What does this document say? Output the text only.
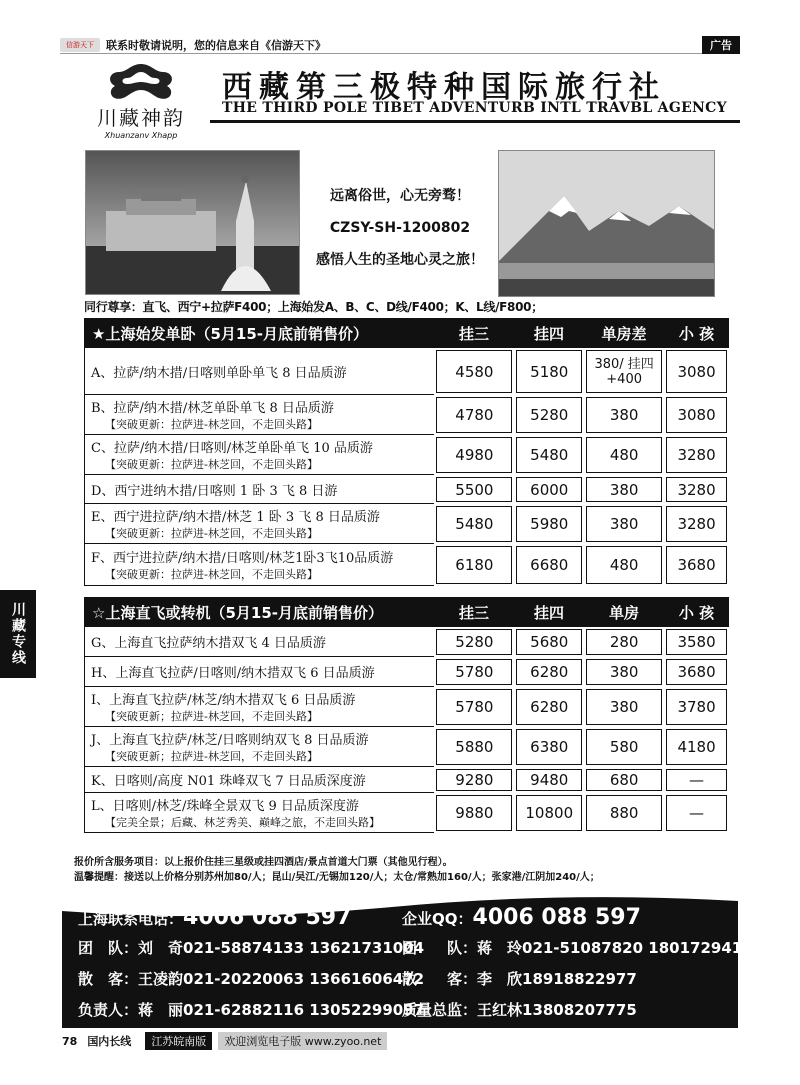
信游天下	联系时敬请说明，您的信息来自《信游天下》	广告
川藏神韵
Xhuanzanv Xhapp
西藏第三极特种国际旅行社
THE THIRD POLE TIBET ADVENTURB INTL TRAVBL AGENCY
远离俗世，心无旁骛！
CZSY-SH-1200802
感悟人生的圣地心灵之旅！
同行尊享：直飞、西宁+拉萨F400；上海始发A、B、C、D线/F400；K、L线/F800；
★上海始发单卧（5月15-月底前销售价）	挂三	挂四	单房差	小 孩
A、拉萨/纳木措/日喀则单卧单飞 8 日品质游	4580	5180	380/ 挂四+400	3080
B、拉萨/纳木措/林芝单卧单飞 8 日品质游
【突破更新：拉萨进-林芝回，不走回头路】
4780	5280	380	3080
C、拉萨/纳木措/日喀则/林芝单卧单飞 10 品质游
【突破更新：拉萨进-林芝回，不走回头路】
4980	5480	480	3280
D、西宁进纳木措/日喀则 1 卧 3 飞 8 日游	5500	6000	380	3280
E、西宁进拉萨/纳木措/林芝 1 卧 3 飞 8 日品质游
【突破更新：拉萨进-林芝回，不走回头路】
5480	5980	380	3280
F、西宁进拉萨/纳木措/日喀则/林芝1卧3飞10品质游
【突破更新：拉萨进-林芝回，不走回头路】
6180	6680	480	3680
☆上海直飞或转机（5月15-月底前销售价）	挂三	挂四	单房	小 孩
G、上海直飞拉萨纳木措双飞 4 日品质游	5280	5680	280	3580
H、上海直飞拉萨/日喀则/纳木措双飞 6 日品质游	5780	6280	380	3680
I、上海直飞拉萨/林芝/纳木措双飞 6 日品质游
【突破更新；拉萨进-林芝回，不走回头路】
5780	6280	380	3780
J、上海直飞拉萨/林芝/日喀则纳双飞 8 日品质游
【突破更新；拉萨进-林芝回，不走回头路】
5880	6380	580	4180
K、日喀则/高度 N01 珠峰双飞 7 日品质深度游	9280	9480	680	—
L、日喀则/林芝/珠峰全景双飞 9 日品质深度游
【完美全景；后藏、林芝秀美、巅峰之旅，不走回头路】
9880	10800	880	—
报价所含服务项目：以上报价住挂三星级或挂四酒店/景点首道大门票（其他见行程）。
温馨提醒：接送以上价格分别苏州加80/人；昆山/吴江/无锡加120/人；太仓/常熟加160/人；张家港/江阴加240/人；
上海联系电话：4006 088 597	企业QQ：4006 088 597
团　队：刘　奇021-58874133 13621731004
团　　队：蒋　玲021-51087820 18017294123
散　客：王凌韵021-20220063 13661606472
散　　客：李　欣18918822977
负责人：蒋　丽021-62882116 13052299097
质量总监：王红林13808207775
78 国内长线	江苏皖南版	欢迎浏览电子版 www.zyoo.net
川藏专线
